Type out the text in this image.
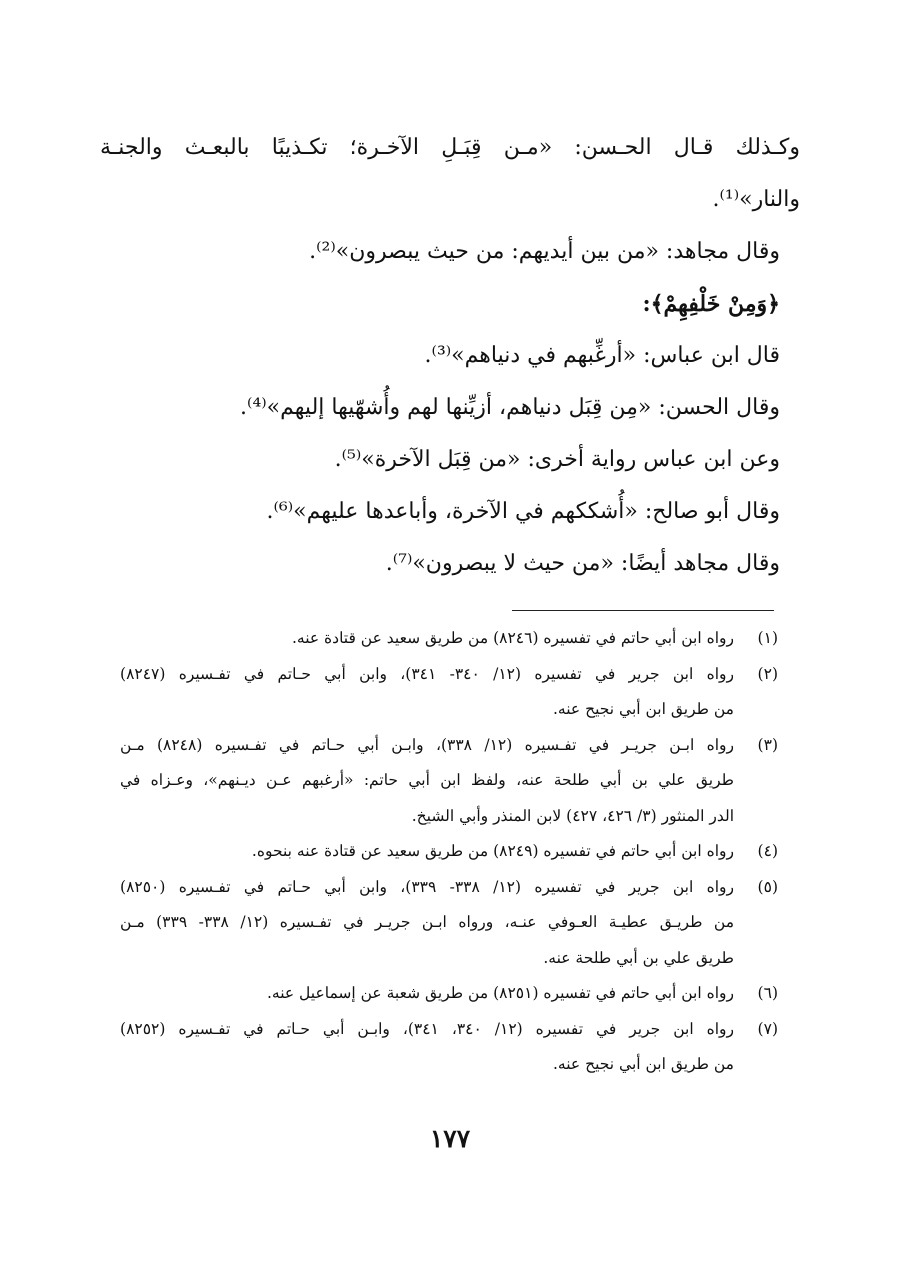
وكـذلك قـال الحـسن: «مـن قِبَـلِ الآخـرة؛ تكـذيبًا بالبعـث والجنـة

والنار»⁽¹⁾.

وقال مجاهد: «من بين أيديهم: من حيث يبصرون»⁽²⁾.

﴿وَمِنْ خَلْفِهِمْ﴾:

قال ابن عباس: «أرغِّبهم في دنياهم»⁽³⁾.

وقال الحسن: «مِن قِبَل دنياهم، أزيِّنها لهم وأُشهّيها إليهم»⁽⁴⁾.

وعن ابن عباس رواية أخرى: «من قِبَل الآخرة»⁽⁵⁾.

وقال أبو صالح: «أُشككهم في الآخرة، وأباعدها عليهم»⁽⁶⁾.

وقال مجاهد أيضًا: «من حيث لا يبصرون»⁽⁷⁾.

(١)

رواه ابن أبي حاتم في تفسيره (٨٢٤٦) من طريق سعيد عن قتادة عنه.

(٢)

رواه ابن جرير في تفسيره (١٢/ ٣٤٠- ٣٤١)، وابن أبي حـاتم في تفـسيره (٨٢٤٧)

من طريق ابن أبي نجيح عنه.

(٣)

رواه ابـن جريـر في تفـسيره (١٢/ ٣٣٨)، وابـن أبي حـاتم في تفـسيره (٨٢٤٨) مـن

طريق علي بن أبي طلحة عنه، ولفظ ابن أبي حاتم: «أرغبهم عـن ديـنهم»، وعـزاه في

الدر المنثور (٣/ ٤٢٦، ٤٢٧) لابن المنذر وأبي الشيخ.

(٤)

رواه ابن أبي حاتم في تفسيره (٨٢٤٩) من طريق سعيد عن قتادة عنه بنحوه.

(٥)

رواه ابن جرير في تفسيره (١٢/ ٣٣٨- ٣٣٩)، وابن أبي حـاتم في تفـسيره (٨٢٥٠)

من طريـق عطيـة العـوفي عنـه، ورواه ابـن جريـر في تفـسيره (١٢/ ٣٣٨- ٣٣٩) مـن

طريق علي بن أبي طلحة عنه.

(٦)

رواه ابن أبي حاتم في تفسيره (٨٢٥١) من طريق شعبة عن إسماعيل عنه.

(٧)

رواه ابن جرير في تفسيره (١٢/ ٣٤٠، ٣٤١)، وابـن أبي حـاتم في تفـسيره (٨٢٥٢)

من طريق ابن أبي نجيح عنه.

١٧٧
